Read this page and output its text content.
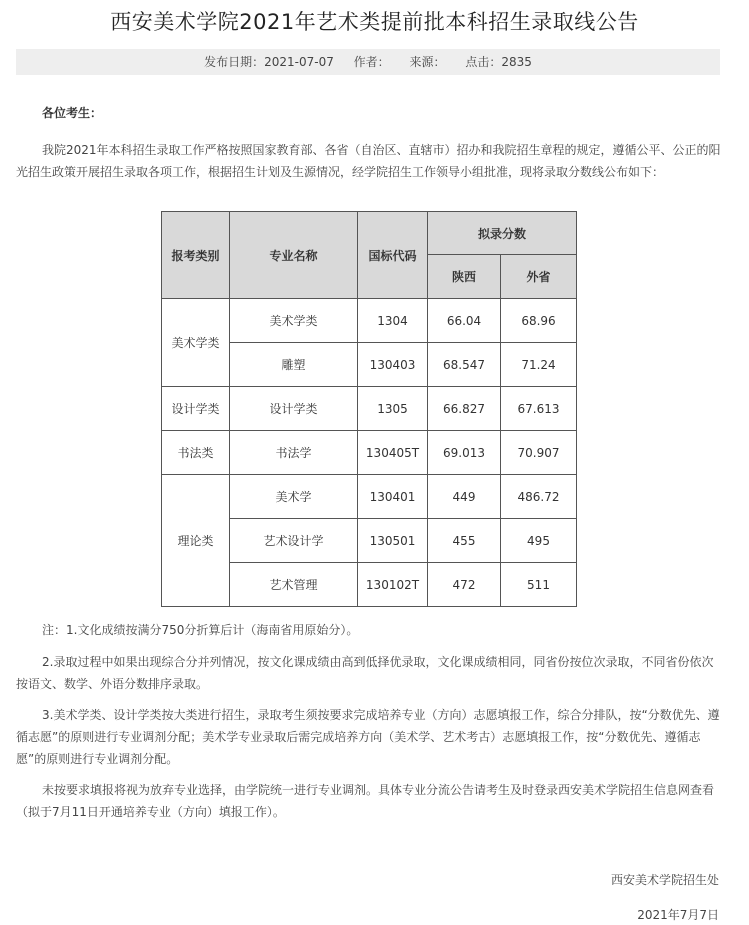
西安美术学院2021年艺术类提前批本科招生录取线公告
发布日期：2021-07-07 作者： 来源： 点击：2835
各位考生：

我院2021年本科招生录取工作严格按照国家教育部、各省（自治区、直辖市）招办和我院招生章程的规定，遵循公平、公正的阳光招生政策开展招生录取各项工作，根据招生计划及生源情况，经学院招生工作领导小组批准，现将录取分数线公布如下：

报考类别	专业名称	国标代码	拟录分数	
			陕西	外省
美术学类	美术学类	1304	66.04	68.96
	雕塑	130403	68.547	71.24
设计学类	设计学类	1305	66.827	67.613
书法类	书法学	130405T	69.013	70.907
理论类	美术学	130401	449	486.72
	艺术设计学	130501	455	495
	艺术管理	130102T	472	511
注：1.文化成绩按满分750分折算后计（海南省用原始分）。

2.录取过程中如果出现综合分并列情况，按文化课成绩由高到低择优录取，文化课成绩相同，同省份按位次录取，不同省份依次按语文、数学、外语分数排序录取。

3.美术学类、设计学类按大类进行招生，录取考生须按要求完成培养专业（方向）志愿填报工作，综合分排队，按“分数优先、遵循志愿”的原则进行专业调剂分配；美术学专业录取后需完成培养方向（美术学、艺术考古）志愿填报工作，按“分数优先、遵循志愿”的原则进行专业调剂分配。

未按要求填报将视为放弃专业选择，由学院统一进行专业调剂。具体专业分流公告请考生及时登录西安美术学院招生信息网查看（拟于7月11日开通培养专业（方向）填报工作）。

西安美术学院招生处
2021年7月7日
